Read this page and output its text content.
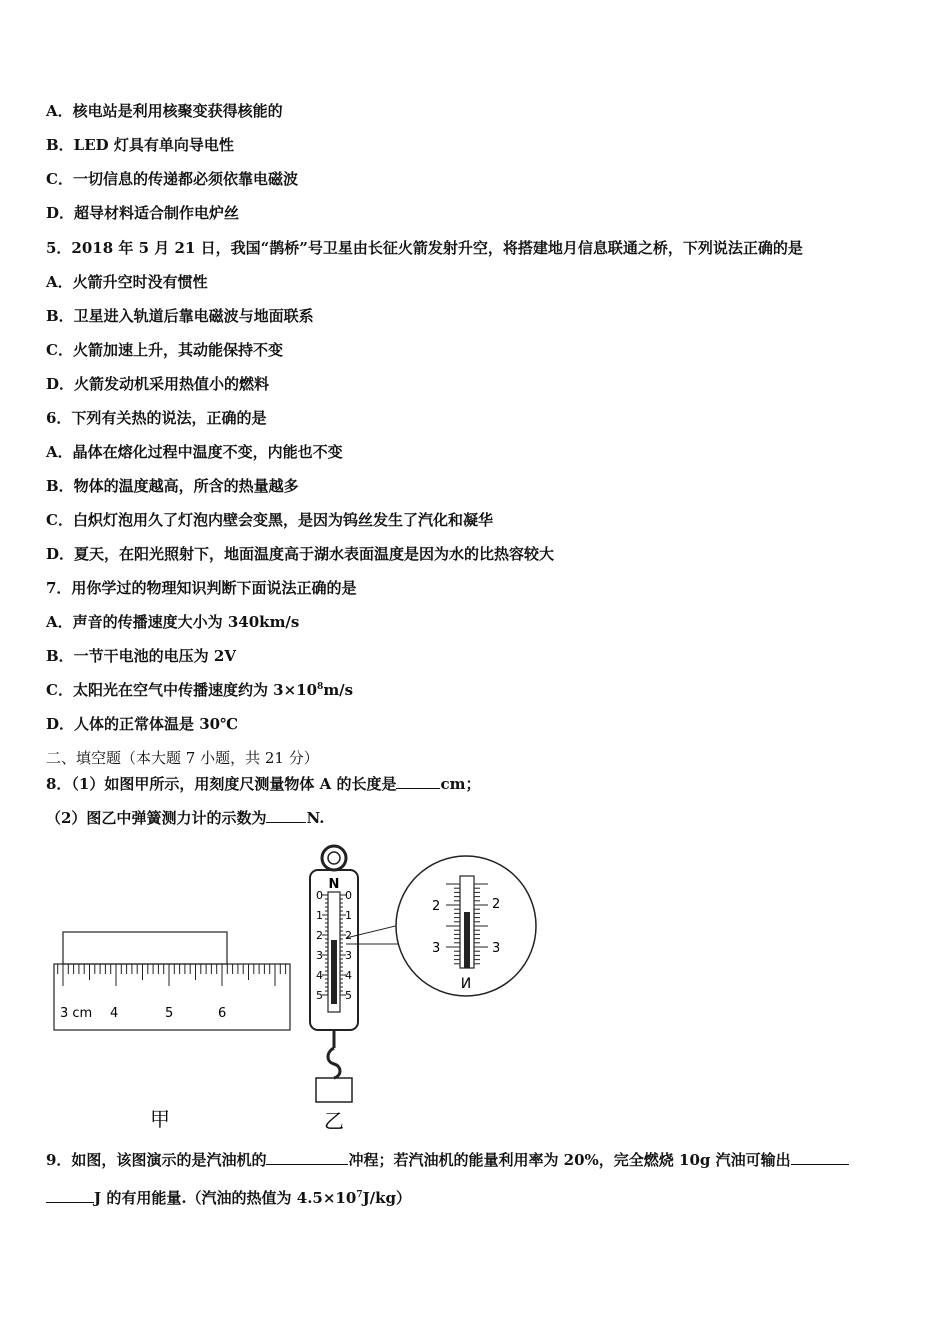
A．核电站是利用核聚变获得核能的
B．LED 灯具有单向导电性
C．一切信息的传递都必须依靠电磁波
D．超导材料适合制作电炉丝
5．2018 年 5 月 21 日，我国“鹊桥”号卫星由长征火箭发射升空，将搭建地月信息联通之桥，下列说法正确的是
A．火箭升空时没有惯性
B．卫星进入轨道后靠电磁波与地面联系
C．火箭加速上升，其动能保持不变
D．火箭发动机采用热值小的燃料
6．下列有关热的说法，正确的是
A．晶体在熔化过程中温度不变，内能也不变
B．物体的温度越高，所含的热量越多
C．白炽灯泡用久了灯泡内壁会变黑，是因为钨丝发生了汽化和凝华
D．夏天，在阳光照射下，地面温度高于湖水表面温度是因为水的比热容较大
7．用你学过的物理知识判断下面说法正确的是
A．声音的传播速度大小为 340km/s
B．一节干电池的电压为 2V
C．太阳光在空气中传播速度约为 $3\times 10^8m/s$
D．人体的正常体温是 30℃
二、填空题（本大题 7 小题，共 21 分）
8．（1）如图甲所示，用刻度尺测量物体 A 的长度是	cm；
（2）图乙中弹簧测力计的示数为	N.
3 cm 4	5	6
甲
N
0
1
2
3
4
5
0
1
2
3
4
5
乙
2
3
2
3
И
9．如图，该图演示的是汽油机的	冲程；若汽油机的能量利用率为 20%，完全燃烧 10g 汽油可输出
J 的有用能量.（汽油的热值为 $4.5\times 10^7J/kg$）
